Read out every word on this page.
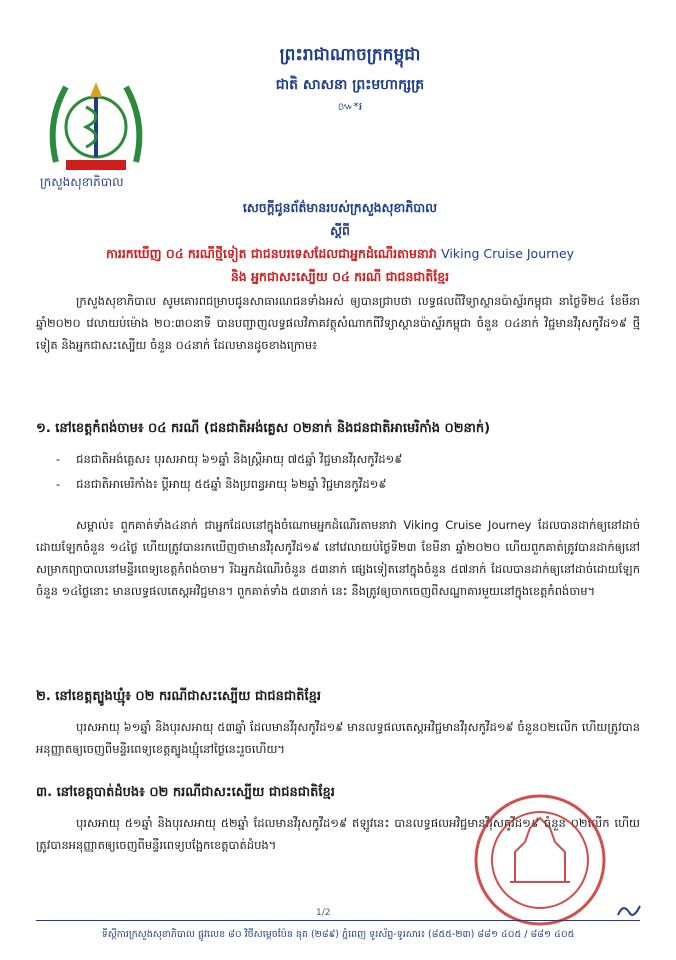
ក្រសួងសុខាភិបាល

ព្រះរាជាណាចក្រកម្ពុជា

ជាតិ សាសនា ព្រះមហាក្សត្រ

៚*៛

សេចក្ដីជូនព័ត៌មានរបស់ក្រសួងសុខាភិបាល

ស្ដីពី

ការរកឃើញ ០៤ ករណីថ្មីទៀត ជាជនបរទេសដែលជាអ្នកដំណើរតាមនាវា Viking Cruise Journey

និង អ្នកជាសះស្បើយ ០៤ ករណី ជាជនជាតិខ្មែរ

ក្រសួងសុខាភិបាល សូមគោរពជម្រាបជូនសាធារណជនទាំងអស់ ឲ្យបានជ្រាបថា លទ្ធផលពីវិទ្យាស្ថានប៉ាស្ទ័រកម្ពុជា នាថ្ងៃទី២៤ ខែមីនា ឆ្នាំ២០២០ វេលាយប់ម៉ោង ២០:៣០នាទី បានបញ្ជាញលទ្ធផលវិភាគវត្ថុសំណាកពីវិទ្យាស្ថានប៉ាស្ទ័រកម្ពុជា ចំនួន ០៤នាក់ វិជ្ជមានវីរុសកូវីដ១៩ ថ្មីទៀត និងអ្នកជាសះស្បើយ ចំនួន ០៤នាក់ ដែលមានដូចខាងក្រោម៖

១. នៅខេត្តកំពង់ចាម៖ ០៤ ករណី (ជនជាតិអង់គ្លេស ០២នាក់ និងជនជាតិអាមេរិកាំង ០២នាក់)

- ជនជាតិអង់គ្លេស៖ បុរសអាយុ ៦១ឆ្នាំ និងស្ត្រីអាយុ ៧៥ឆ្នាំ វិជ្ជមានវីរុសកូវីដ១៩
- ជនជាតិអាមេរិកាំង៖ ប្ដីអាយុ ៥៥ឆ្នាំ និងប្រពន្ធអាយុ ៦២ឆ្នាំ វិជ្ជមានកូវីដ១៩

សម្គាល់៖ ពួកគាត់ទាំង៤នាក់ ជាអ្នកដែលនៅក្នុងចំណោមអ្នកដំណើរតាមនាវា Viking Cruise Journey ដែលបានដាក់ឲ្យនៅដាច់ដោយឡែកចំនួន ១៤ថ្ងៃ ហើយត្រូវបានរកឃើញថាមានវីរុសកូវីដ១៩ នៅវេលាយប់ថ្ងៃទី២៣ ខែមីនា ឆ្នាំ២០២០ ហើយពួកគាត់ត្រូវបានដាក់ឲ្យនៅសម្រាកព្យាបាលនៅមន្ទីរពេទ្យខេត្តកំពង់ចាម។ រីឯអ្នកដំណើរចំនួន ៥៣នាក់ ផ្សេងទៀតនៅក្នុងចំនួន ៥៧នាក់ ដែលបានដាក់ឲ្យនៅដាច់ដោយឡែកចំនួន ១៤ថ្ងៃនោះ មានលទ្ធផលតេស្តអវិជ្ជមាន។ ពួកគាត់ទាំង ៥៣នាក់ នេះ នឹងត្រូវឲ្យចាកចេញពីសណ្ឋាគារមួយនៅក្នុងខេត្តកំពង់ចាម។

២. នៅខេត្តត្បូងឃ្មុំ៖ ០២ ករណីជាសះស្បើយ ជាជនជាតិខ្មែរ

បុរសអាយុ ៦១ឆ្នាំ និងបុរសអាយុ ៥៣ឆ្នាំ ដែលមានវីរុសកូវីដ១៩ មានលទ្ធផលតេស្តអវិជ្ជមានវីរុសកូវីដ១៩ ចំនួន០២លើក ហើយត្រូវបានអនុញ្ញាតឲ្យចេញពីមន្ទីរពេទ្យខេត្តត្បូងឃ្មុំនៅថ្ងៃនេះរួចហើយ។

៣. នៅខេត្តបាត់ដំបង៖ ០២ ករណីជាសះស្បើយ ជាជនជាតិខ្មែរ

បុរសអាយុ ៥១ឆ្នាំ និងបុរសអាយុ ៥២ឆ្នាំ ដែលមានវីរុសកូវីដ១៩ ឥឡូវនេះ បានលទ្ធផលអវិជ្ជមានវីរុសកូវីដ១៩ ចំនួន ០២លើក ហើយត្រូវបានអនុញ្ញាតឲ្យចេញពីមន្ទីរពេទ្យបង្អែកខេត្តបាត់ដំបង។

1/2
ទីស្ដីការក្រសួងសុខាភិបាល ផ្លូវលេខ ៨០ វិថីសម្ដេចប៉ែន នុត (២៨៩) ភ្នំពេញ ទូរស័ព្ទ-ទូរសារ៖ (៨៥៥-២៣) ៨៨១ ៤០៥ / ៨៨១ ៤០៥
